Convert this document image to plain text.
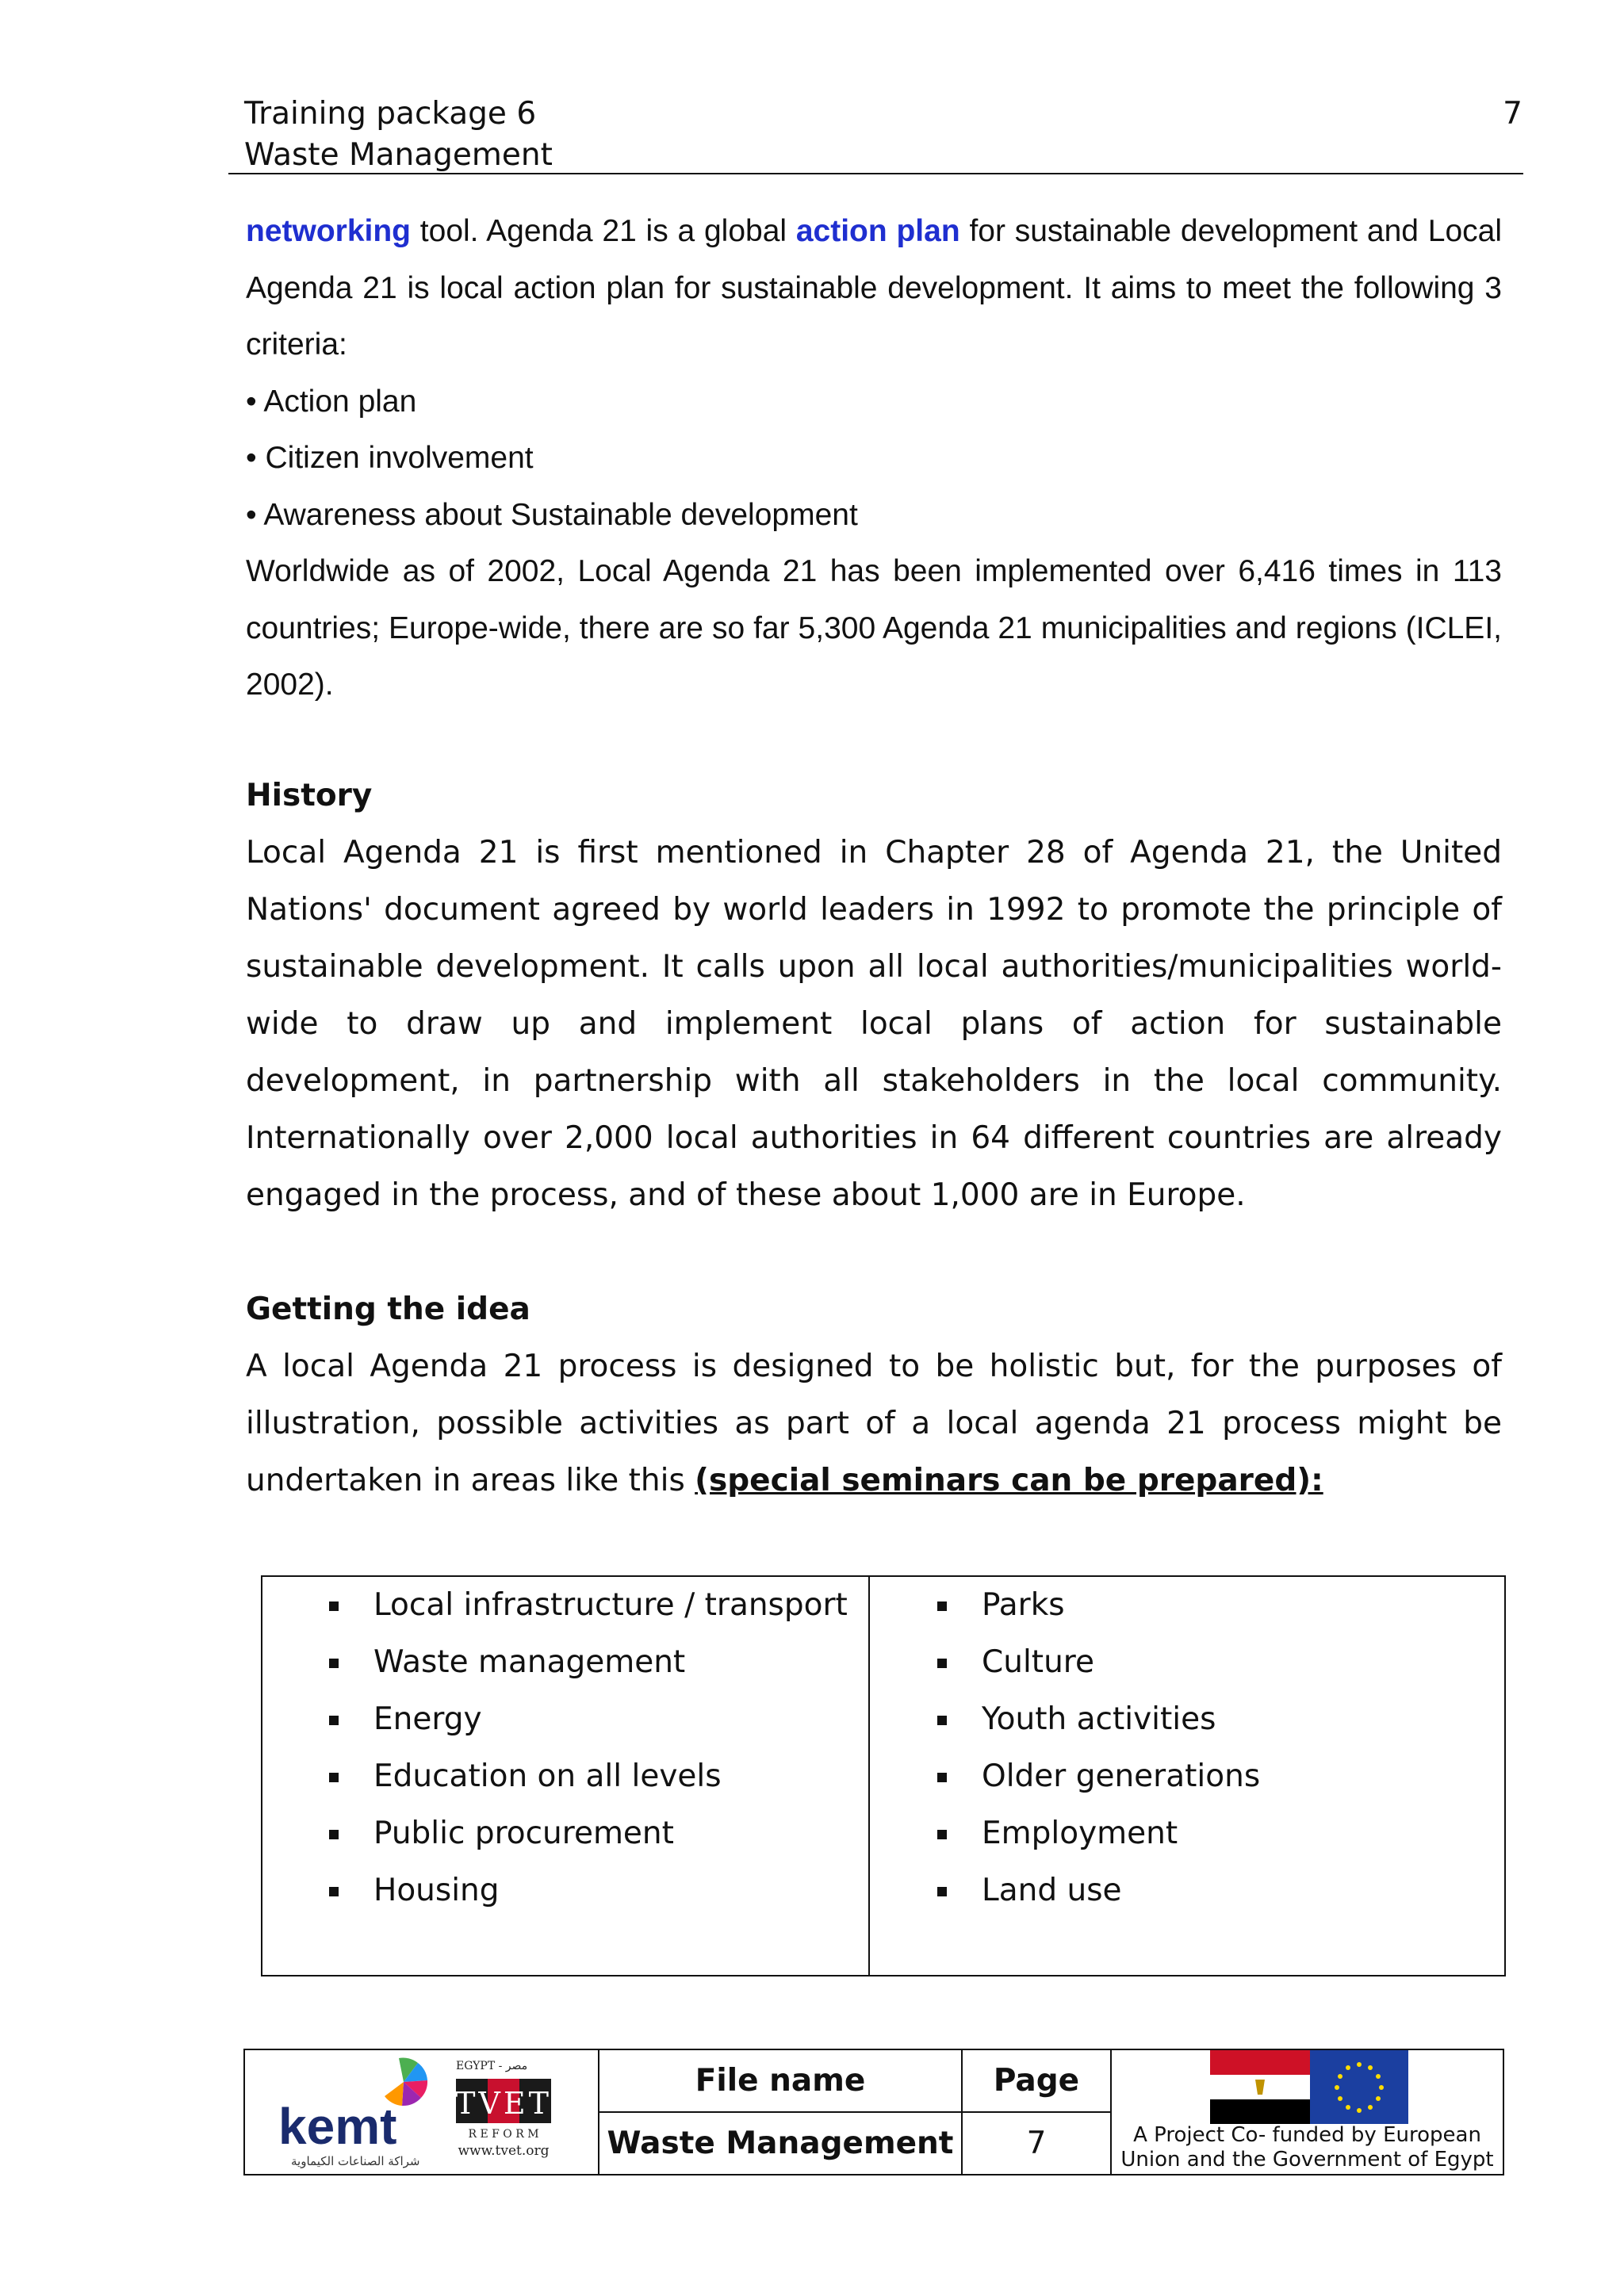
Training package 6
Waste Management
7

networking tool. Agenda 21 is a global action plan for sustainable development and Local Agenda 21 is local action plan for sustainable development. It aims to meet the following 3 criteria:

• Action plan

• Citizen involvement

• Awareness about Sustainable development

Worldwide as of 2002, Local Agenda 21 has been implemented over 6,416 times in 113 countries; Europe-wide, there are so far 5,300 Agenda 21 municipalities and regions (ICLEI, 2002).

History

Local Agenda 21 is first mentioned in Chapter 28 of Agenda 21, the United Nations' document agreed by world leaders in 1992 to promote the principle of sustainable development. It calls upon all local authorities/municipalities world-wide to draw up and implement local plans of action for sustainable development, in partnership with all stakeholders in the local community. Internationally over 2,000 local authorities in 64 different countries are already engaged in the process, and of these about 1,000 are in Europe.

Getting the idea

A local Agenda 21 process is designed to be holistic but, for the purposes of illustration, possible activities as part of a local agenda 21 process might be undertaken in areas like this (special seminars can be prepared):

Local infrastructure / transport
Waste management
Energy
Education on all levels
Public procurement
Housing
Parks
Culture
Youth activities
Older generations
Employment
Land use
kemt
شراكة الصناعات الكيماوية
EGYPT - مصر
TVET
R E F O R M
www.tvet.org
File name
Waste Management
Page
7	A Project Co- funded by European
Union and the Government of Egypt
